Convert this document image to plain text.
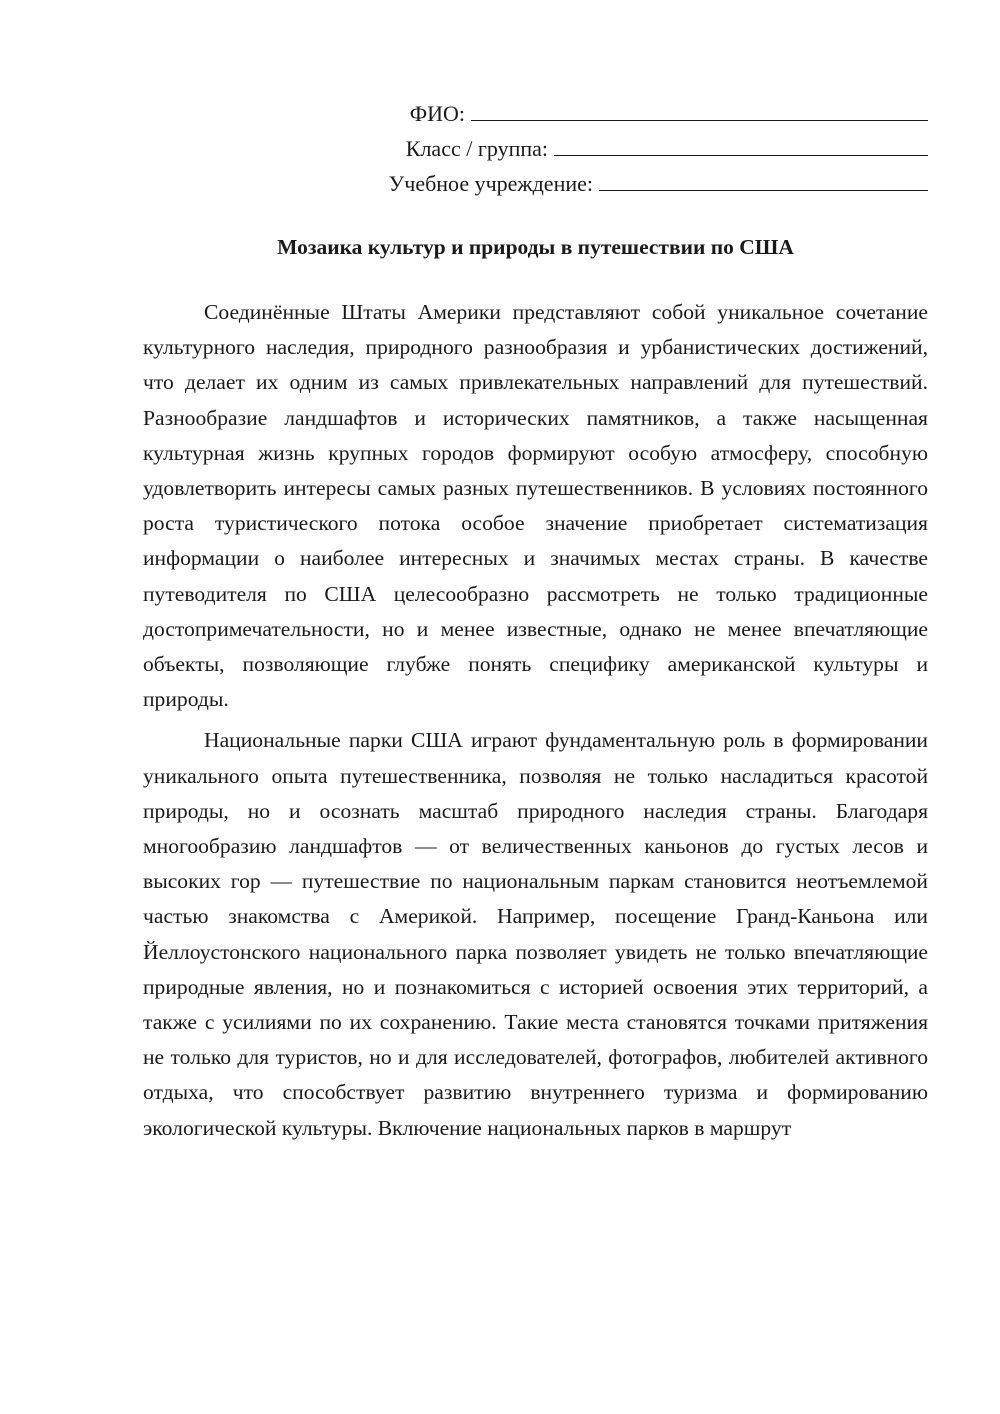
ФИО:
Класс / группа:
Учебное учреждение:
Мозаика культур и природы в путешествии по США

Соединённые Штаты Америки представляют собой уникальное сочетание культурного наследия, природного разнообразия и урбанистических достижений, что делает их одним из самых привлекательных направлений для путешествий. Разнообразие ландшафтов и исторических памятников, а также насыщенная культурная жизнь крупных городов формируют особую атмосферу, способную удовлетворить интересы самых разных путешественников. В условиях постоянного роста туристического потока особое значение приобретает систематизация информации о наиболее интересных и значимых местах страны. В качестве путеводителя по США целесообразно рассмотреть не только традиционные достопримечательности, но и менее известные, однако не менее впечатляющие объекты, позволяющие глубже понять специфику американской культуры и природы.

Национальные парки США играют фундаментальную роль в формировании уникального опыта путешественника, позволяя не только насладиться красотой природы, но и осознать масштаб природного наследия страны. Благодаря многообразию ландшафтов — от величественных каньонов до густых лесов и высоких гор — путешествие по национальным паркам становится неотъемлемой частью знакомства с Америкой. Например, посещение Гранд-Каньона или Йеллоустонского национального парка позволяет увидеть не только впечатляющие природные явления, но и познакомиться с историей освоения этих территорий, а также с усилиями по их сохранению. Такие места становятся точками притяжения не только для туристов, но и для исследователей, фотографов, любителей активного отдыха, что способствует развитию внутреннего туризма и формированию экологической культуры. Включение национальных парков в маршрут
